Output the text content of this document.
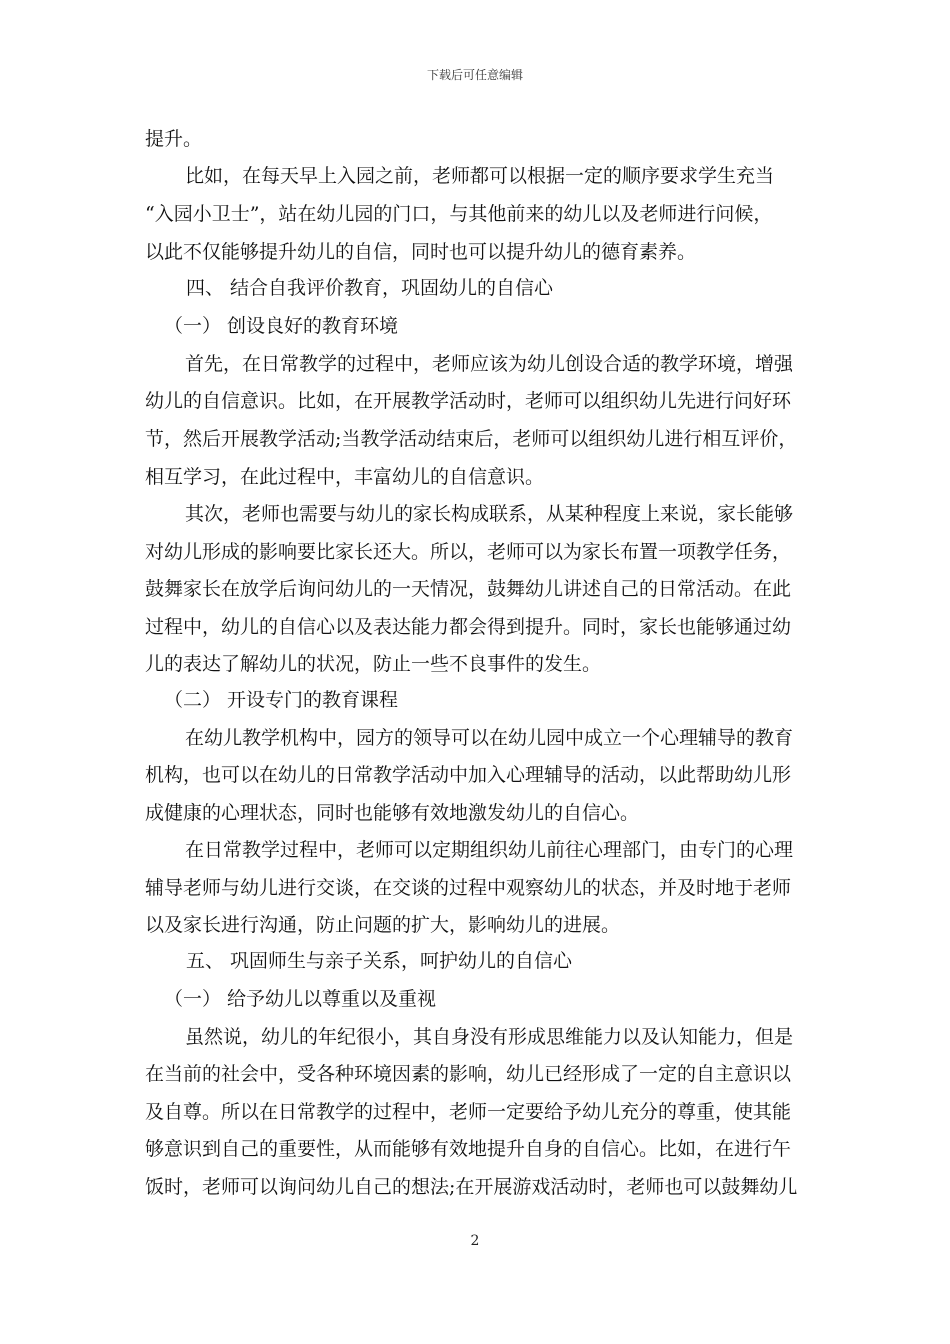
下载后可任意编辑
提升。
比如，在每天早上入园之前，老师都可以根据一定的顺序要求学生充当
“入园小卫士”，站在幼儿园的门口，与其他前来的幼儿以及老师进行问候，
以此不仅能够提升幼儿的自信，同时也可以提升幼儿的德育素养。
四、 结合自我评价教育，巩固幼儿的自信心
（一） 创设良好的教育环境
首先，在日常教学的过程中，老师应该为幼儿创设合适的教学环境，增强
幼儿的自信意识。比如，在开展教学活动时，老师可以组织幼儿先进行问好环
节，然后开展教学活动;当教学活动结束后，老师可以组织幼儿进行相互评价，
相互学习，在此过程中，丰富幼儿的自信意识。
其次，老师也需要与幼儿的家长构成联系，从某种程度上来说，家长能够
对幼儿形成的影响要比家长还大。所以，老师可以为家长布置一项教学任务，
鼓舞家长在放学后询问幼儿的一天情况，鼓舞幼儿讲述自己的日常活动。在此
过程中，幼儿的自信心以及表达能力都会得到提升。同时，家长也能够通过幼
儿的表达了解幼儿的状况，防止一些不良事件的发生。
（二） 开设专门的教育课程
在幼儿教学机构中，园方的领导可以在幼儿园中成立一个心理辅导的教育
机构，也可以在幼儿的日常教学活动中加入心理辅导的活动，以此帮助幼儿形
成健康的心理状态，同时也能够有效地激发幼儿的自信心。
在日常教学过程中，老师可以定期组织幼儿前往心理部门，由专门的心理
辅导老师与幼儿进行交谈，在交谈的过程中观察幼儿的状态，并及时地于老师
以及家长进行沟通，防止问题的扩大，影响幼儿的进展。
五、 巩固师生与亲子关系，呵护幼儿的自信心
（一） 给予幼儿以尊重以及重视
虽然说，幼儿的年纪很小，其自身没有形成思维能力以及认知能力，但是
在当前的社会中，受各种环境因素的影响，幼儿已经形成了一定的自主意识以
及自尊。所以在日常教学的过程中，老师一定要给予幼儿充分的尊重，使其能
够意识到自己的重要性，从而能够有效地提升自身的自信心。比如，在进行午
饭时，老师可以询问幼儿自己的想法;在开展游戏活动时，老师也可以鼓舞幼儿
2
